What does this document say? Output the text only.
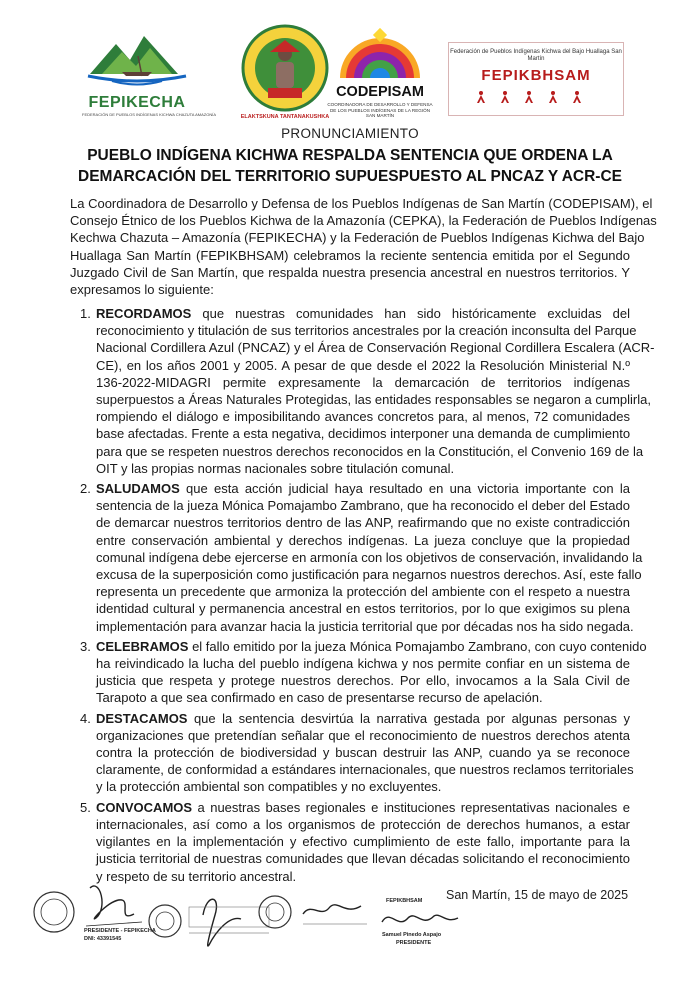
FEPIKECHA
FEDERACIÓN DE PUEBLOS INDÍGENAS KICHWA CHAZUTA AMAZONÍA	ELAKTSKUNA TANTANAKUSHKA
CODEPISAM
COORDINADORA DE DESARROLLO Y DEFENSA DE LOS PUEBLOS INDÍGENAS DE LA REGIÓN SAN MARTÍN
Federación de Pueblos Indígenas Kichwa del Bajo Huallaga San Martín
FEPIKBHSAM
PRONUNCIAMIENTO
PUEBLO INDÍGENA KICHWA RESPALDA SENTENCIA QUE ORDENA LA
DEMARCACIÓN DEL TERRITORIO SUPUESPUESTO AL PNCAZ Y ACR-CE
La Coordinadora de Desarrollo y Defensa de los Pueblos Indígenas de San Martín (CODEPISAM), el
Consejo Étnico de los Pueblos Kichwa de la Amazonía (CEPKA), la Federación de Pueblos Indígenas
Kechwa Chazuta – Amazonía (FEPIKECHA) y la Federación de Pueblos Indígenas Kichwa del Bajo
Huallaga San Martín (FEPIKBHSAM) celebramos la reciente sentencia emitida por el Segundo
Juzgado Civil de San Martín, que respalda nuestra presencia ancestral en nuestros territorios. Y
expresamos lo siguiente:
1. RECORDAMOS que nuestras comunidades han sido históricamente excluidas del
reconocimiento y titulación de sus territorios ancestrales por la creación inconsulta del Parque
Nacional Cordillera Azul (PNCAZ) y el Área de Conservación Regional Cordillera Escalera (ACR-
CE), en los años 2001 y 2005. A pesar de que desde el 2022 la Resolución Ministerial N.º
136-2022-MIDAGRI permite expresamente la demarcación de territorios indígenas
superpuestos a Áreas Naturales Protegidas, las entidades responsables se negaron a cumplirla,
rompiendo el diálogo e imposibilitando avances concretos para, al menos, 72 comunidades
base afectadas. Frente a esta negativa, decidimos interponer una demanda de cumplimiento
para que se respeten nuestros derechos reconocidos en la Constitución, el Convenio 169 de la
OIT y las propias normas nacionales sobre titulación comunal.
2. SALUDAMOS que esta acción judicial haya resultado en una victoria importante con la
sentencia de la jueza Mónica Pomajambo Zambrano, que ha reconocido el deber del Estado
de demarcar nuestros territorios dentro de las ANP, reafirmando que no existe contradicción
entre conservación ambiental y derechos indígenas. La jueza concluye que la propiedad
comunal indígena debe ejercerse en armonía con los objetivos de conservación, invalidando la
excusa de la superposición como justificación para negarnos nuestros derechos. Así, este fallo
representa un precedente que armoniza la protección del ambiente con el respeto a nuestra
identidad cultural y permanencia ancestral en estos territorios, por lo que exigimos su plena
implementación para avanzar hacia la justicia territorial que por décadas nos ha sido negada.
3. CELEBRAMOS el fallo emitido por la jueza Mónica Pomajambo Zambrano, con cuyo contenido
ha reivindicado la lucha del pueblo indígena kichwa y nos permite confiar en un sistema de
justicia que respeta y protege nuestros derechos. Por ello, invocamos a la Sala Civil de
Tarapoto a que sea confirmado en caso de presentarse recurso de apelación.
4. DESTACAMOS que la sentencia desvirtúa la narrativa gestada por algunas personas y
organizaciones que pretendían señalar que el reconocimiento de nuestros derechos atenta
contra la protección de biodiversidad y buscan destruir las ANP, cuando ya se reconoce
claramente, de conformidad a estándares internacionales, que nuestros reclamos territoriales
y la protección ambiental son compatibles y no excluyentes.
5. CONVOCAMOS a nuestras bases regionales e instituciones representativas nacionales e
internacionales, así como a los organismos de protección de derechos humanos, a estar
vigilantes en la implementación y efectivo cumplimiento de este fallo, importante para la
justicia territorial de nuestras comunidades que llevan décadas solicitando el reconocimiento
y respeto de su territorio ancestral.
San Martín, 15 de mayo de 2025
PRESIDENTE - FEPIKECHA
DNI: 43391545
FEPIKBHSAM
Samuel Pinedo Aspajo
PRESIDENTE
